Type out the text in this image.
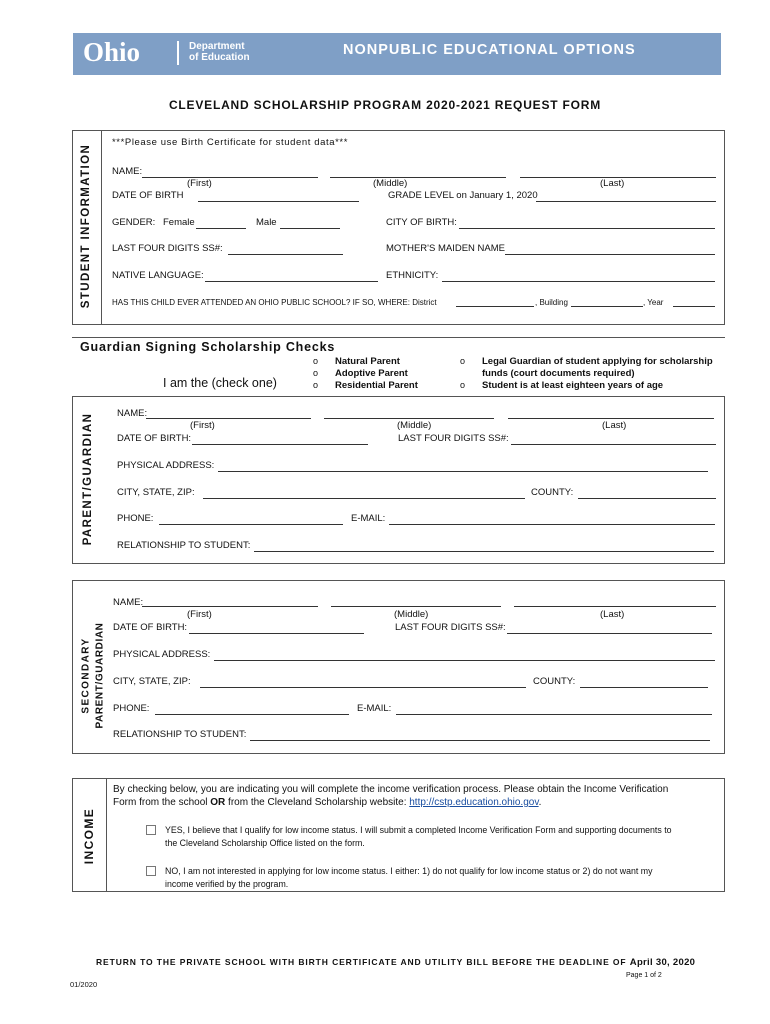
Ohio	Department
of Education	NONPUBLIC EDUCATIONAL OPTIONS
CLEVELAND SCHOLARSHIP PROGRAM 2020-2021 REQUEST FORM
STUDENT INFORMATION
***Please use Birth Certificate for student data***
NAME:
(First)	(Middle)	(Last)
DATE OF BIRTH	GRADE LEVEL on January 1, 2020
GENDER: Female	Male	CITY OF BIRTH:
LAST FOUR DIGITS SS#:	MOTHER'S MAIDEN NAME
NATIVE LANGUAGE:	ETHNICITY:
HAS THIS CHILD EVER ATTENDED AN OHIO PUBLIC SCHOOL? IF SO, WHERE: District	, Building	, Year
Guardian Signing Scholarship Checks
I am the (check one)
o Natural Parent
o Adoptive Parent
o Residential Parent
o Legal Guardian of student applying for scholarship
funds (court documents required)
o Student is at least eighteen years of age
PARENT/GUARDIAN NAME:
(First)	(Middle)	(Last)
DATE OF BIRTH:	LAST FOUR DIGITS SS#:
PHYSICAL ADDRESS:
CITY, STATE, ZIP:	COUNTY:
PHONE:	E-MAIL:
RELATIONSHIP TO STUDENT:
SECONDARY PARENT/GUARDIAN
NAME:
(First)	(Middle)	(Last)
DATE OF BIRTH:	LAST FOUR DIGITS SS#:
PHYSICAL ADDRESS:
CITY, STATE, ZIP:	COUNTY:
PHONE:	E-MAIL:
RELATIONSHIP TO STUDENT:
INCOME
By checking below, you are indicating you will complete the income verification process. Please obtain the Income Verification
Form from the school OR from the Cleveland Scholarship website: http://cstp.education.ohio.gov.
YES, I believe that I qualify for low income status. I will submit a completed Income Verification Form and supporting documents to
the Cleveland Scholarship Office listed on the form.
NO, I am not interested in applying for low income status. I either: 1) do not qualify for low income status or 2) do not want my
income verified by the program.
RETURN TO THE PRIVATE SCHOOL WITH BIRTH CERTIFICATE AND UTILITY BILL BEFORE THE DEADLINE OF April 30, 2020
Page 1 of 2
01/2020
